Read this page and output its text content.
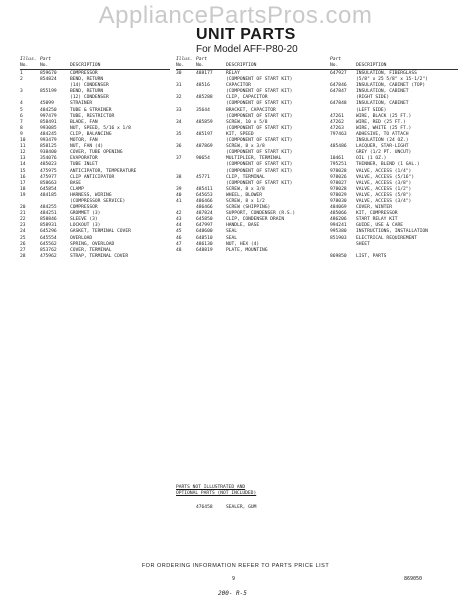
AppliancePartsPros.com
UNIT PARTS
For Model AFF-P80-20
Illus. Part
No.	No.	DESCRIPTION
1	859670	COMPRESSOR
2	854824	BEND, RETURN
(14) CONDENSER
3	855199	BEND, RETURN
(12) CONDENSER
4	45099	STRAINER
5	484250	TUBE & STRAINER
6	997479	TUBE, RESTRICTOR
7	858491	BLADE, FAN
8	993085	NUT, SPEED, 5/16 x 1/8
9	484245	CLIP, BALANCING
10	993479	MOTOR, FAN
11	858125	NUT, FAN (4)
12	938400	COVER, TUBE OPENING
13	354076	EVAPORATOR
14	485023	TUBE INLET
15	475975	ANTICIPATOR, TEMPERATURE
16	475977	CLIP ANTICIPATOR
17	858663	BASE
18	645854	CLAMP
19	484185	HARNESS, WIRING
(COMPRESSOR SERVICE)
20	484255	COMPRESSOR
21	484251	GROMMET (3)
22	858846	SLEEVE (3)
23	858931	LOCKOUT (3)
24	645296	GASKET, TERMINAL COVER
25	645554	OVERLOAD
26	645562	SPRING, OVERLOAD
27	853762	COVER, TERMINAL
28	475962	STRAP, TERMINAL COVER
Illus. Part
No.	No.	DESCRIPTION
30	488177	RELAY
(COMPONENT OF START KIT)
31	48516	CAPACITOR
(COMPONENT OF START KIT)
32	485288	CLIP, CAPACITOR
(COMPONENT OF START KIT)
33	35644	BRACKET, CAPACITOR
(COMPONENT OF START KIT)
34	485859	SCREW, 10 x 5/8
(COMPONENT OF START KIT)
35	485197	KIT, SPEED
(COMPONENT OF START KIT)
36	487869	SCREW, 8 x 3/8
(COMPONENT OF START KIT)
37	90654	MULTIPLIER, TERMINAL
(COMPONENT OF START KIT)
(COMPONENT OF START KIT)
38	45771	CLIP, TERMINAL
(COMPONENT OF START KIT)
39	485411	SCREW, 8 x 3/8
40	645653	WHEEL, BLOWER
41	486466	SCREW, 8 x 1/2
486466	SCREW (SHIPPING)
42	487824	SUPPORT, CONDENSER (R.S.)
43	645850	CLIP, CONDENSER DRAIN
44	647997	HANDLE, BASE
45	648600	SEAL
46	648510	SEAL
47	486130	NUT, HEX (4)
48	648819	PLATE, MOUNTING
Part
No.	DESCRIPTION
647927 INSULATION, FIBERGLASS
(5/8" x 25 5/8" x 15-1/2")
647846 INSULATION, CABINET (TOP)
647847 INSULATION, CABINET
(RIGHT SIDE)
647848 INSULATION, CABINET
(LEFT SIDE)
47261	WIRE, BLACK (25 FT.)
47262	WIRE, RED (25 FT.)
47263	WIRE, WHITE (25 FT.)
797463 ADHESIVE, TO ATTACH
INSULATION (24 OZ.)
485486 LACQUER, STAR-LIGHT
GREY (1/2 PT. UNCUT)
10461	OIL (1 OZ.)
795251 THINNER, BLEND (1 GAL.)
978028 VALVE, ACCESS (1/4")
978026 VALVE, ACCESS (5/16")
978027 VALVE, ACCESS (3/8")
978028 VALVE, ACCESS (1/2")
978029 VALVE, ACCESS (5/8")
978030 VALVE, ACCESS (3/4")
484069 COVER, WINTER
485066 KIT, COMPRESSOR
486206 START RELAY KIT
994241 GUIDE, USE & CARE
995380 INSTRUCTIONS, INSTALLATION
851903 ELECTRICAL REQUIREMENT
SHEET

869850 LIST, PARTS
PARTS NOT ILLUSTRATED AND
OPTIONAL PARTS (NOT INCLUDED)
476458	SEALER, GUM
FOR ORDERING INFORMATION REFER TO PARTS PRICE LIST
9	869050
200- R-5
